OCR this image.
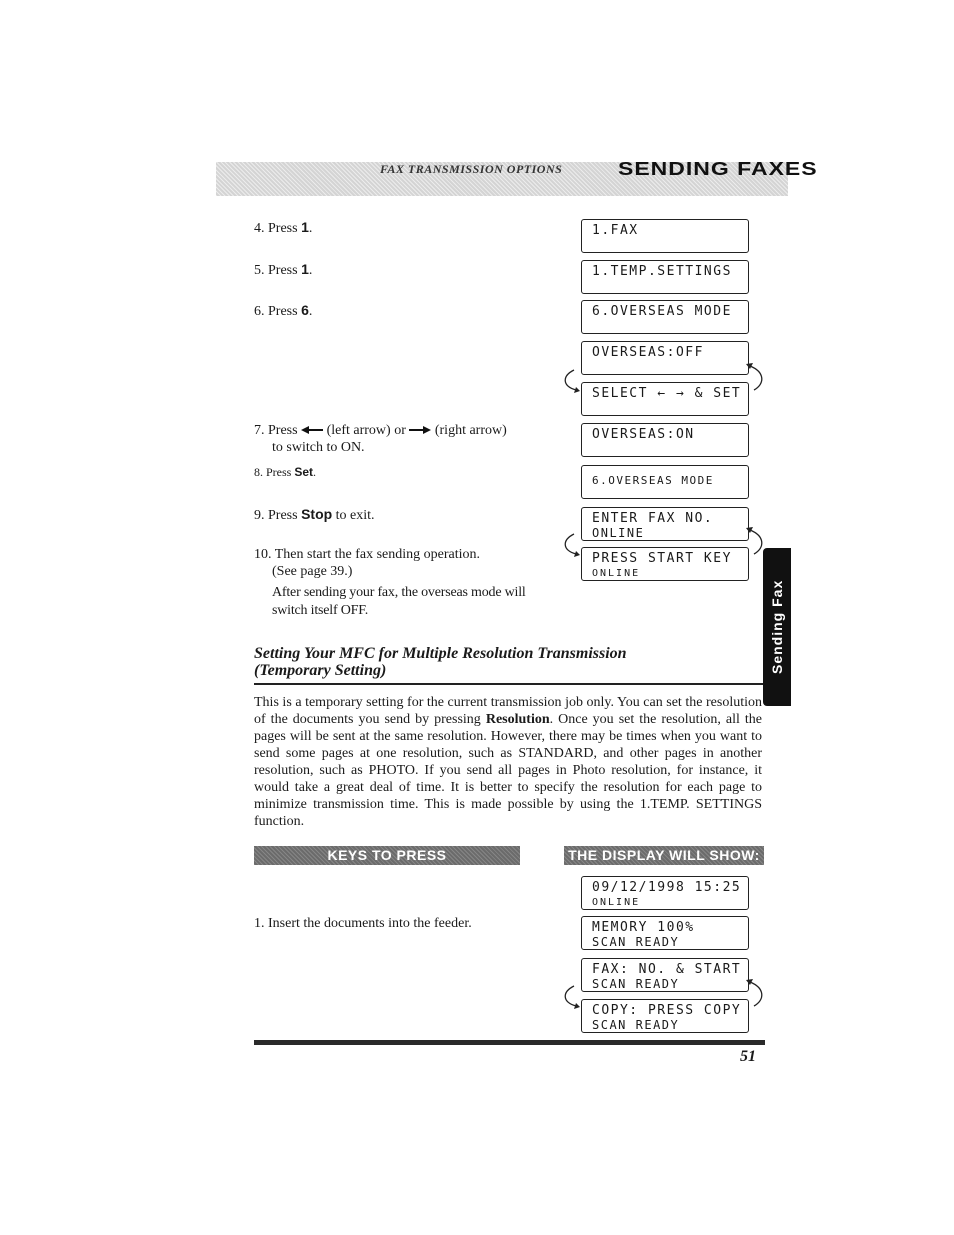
FAX TRANSMISSION OPTIONS SENDING FAXES
4. Press 1.
5. Press 1.
6. Press 6.
7. Press  (left arrow) or  (right arrow)
to switch to ON.
8. Press Set.
9. Press Stop to exit.
10. Then start the fax sending operation.
(See page 39.)
After sending your fax, the overseas mode will switch itself OFF.
1.FAX
1.TEMP.SETTINGS
6.OVERSEAS MODE
OVERSEAS:OFF
SELECT ← → & SET
OVERSEAS:ON
6.OVERSEAS MODE
ENTER FAX NO.
ONLINE
PRESS START KEY
ONLINE
Setting Your MFC for Multiple Resolution Transmission
(Temporary Setting)
This is a temporary setting for the current transmission job only. You can set the resolution of the documents you send by pressing Resolution. Once you set the resolution, all the pages will be sent at the same resolution. However, there may be times when you want to send some pages at one resolution, such as STANDARD, and other pages in another resolution, such as PHOTO. If you send all pages in Photo resolution, for instance, it would take a great deal of time. It is better to specify the resolution for each page to minimize transmission time. This is made possible by using the 1.TEMP. SETTINGS function.
KEYS TO PRESS	THE DISPLAY WILL SHOW:
1. Insert the documents into the feeder.
09/12/1998 15:25
ONLINE
MEMORY 100%
SCAN READY
FAX: NO. & START
SCAN READY
COPY: PRESS COPY
SCAN READY
Sending Fax
51
